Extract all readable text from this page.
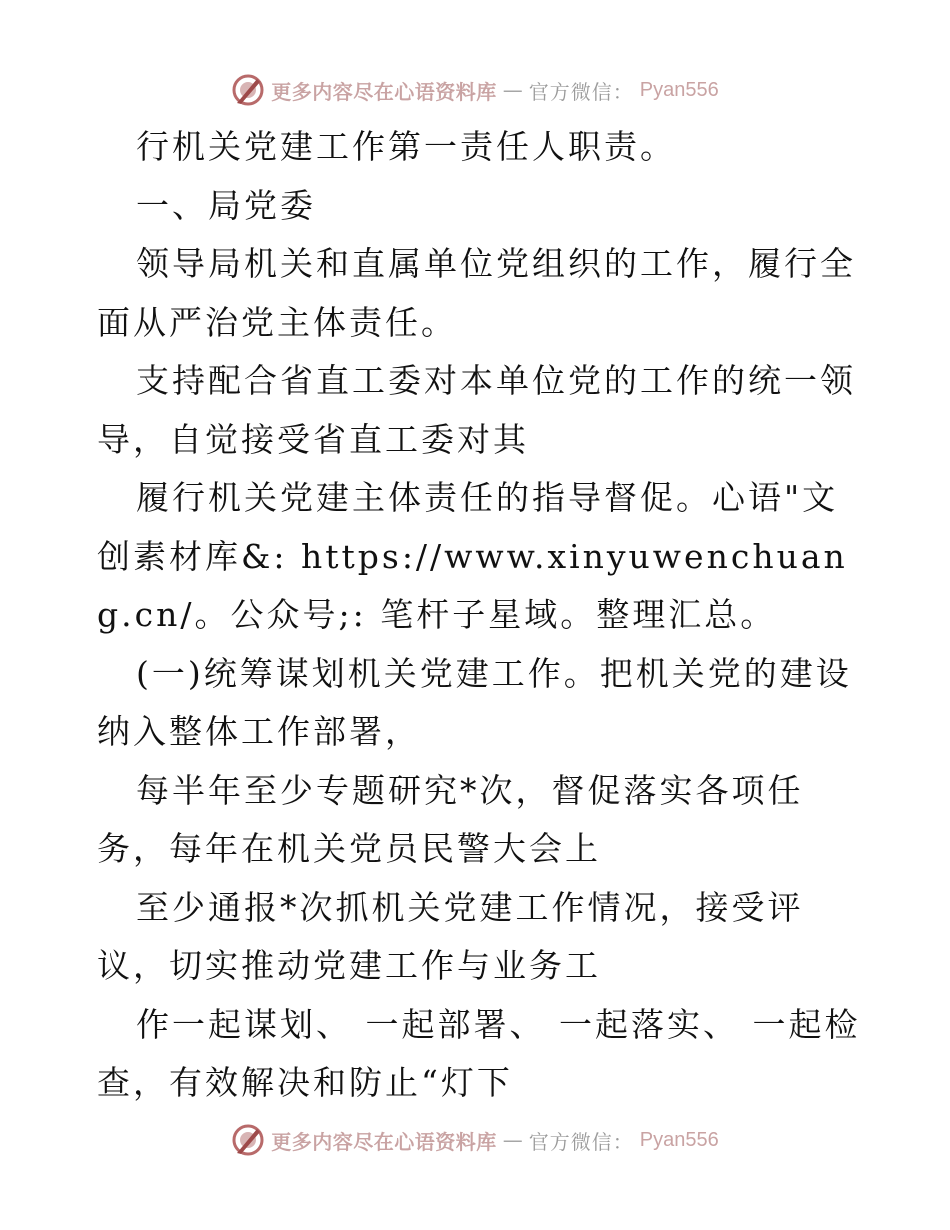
更多内容尽在心语资料库 — 官方微信： Pyan556

行机关党建工作第一责任人职责。

一、局党委

领导局机关和直属单位党组织的工作，履行全面从严治党主体责任。

支持配合省直工委对本单位党的工作的统一领导，自觉接受省直工委对其

履行机关党建主体责任的指导督促。心语"文创素材库&: https://www.xinyuwenchuang.cn/。公众号;: 笔杆子星域。整理汇总。

(一)统筹谋划机关党建工作。把机关党的建设纳入整体工作部署，

每半年至少专题研究*次，督促落实各项任务，每年在机关党员民警大会上

至少通报*次抓机关党建工作情况，接受评议，切实推动党建工作与业务工

作一起谋划、 一起部署、 一起落实、 一起检查，有效解决和防止“灯下

更多内容尽在心语资料库 — 官方微信： Pyan556
